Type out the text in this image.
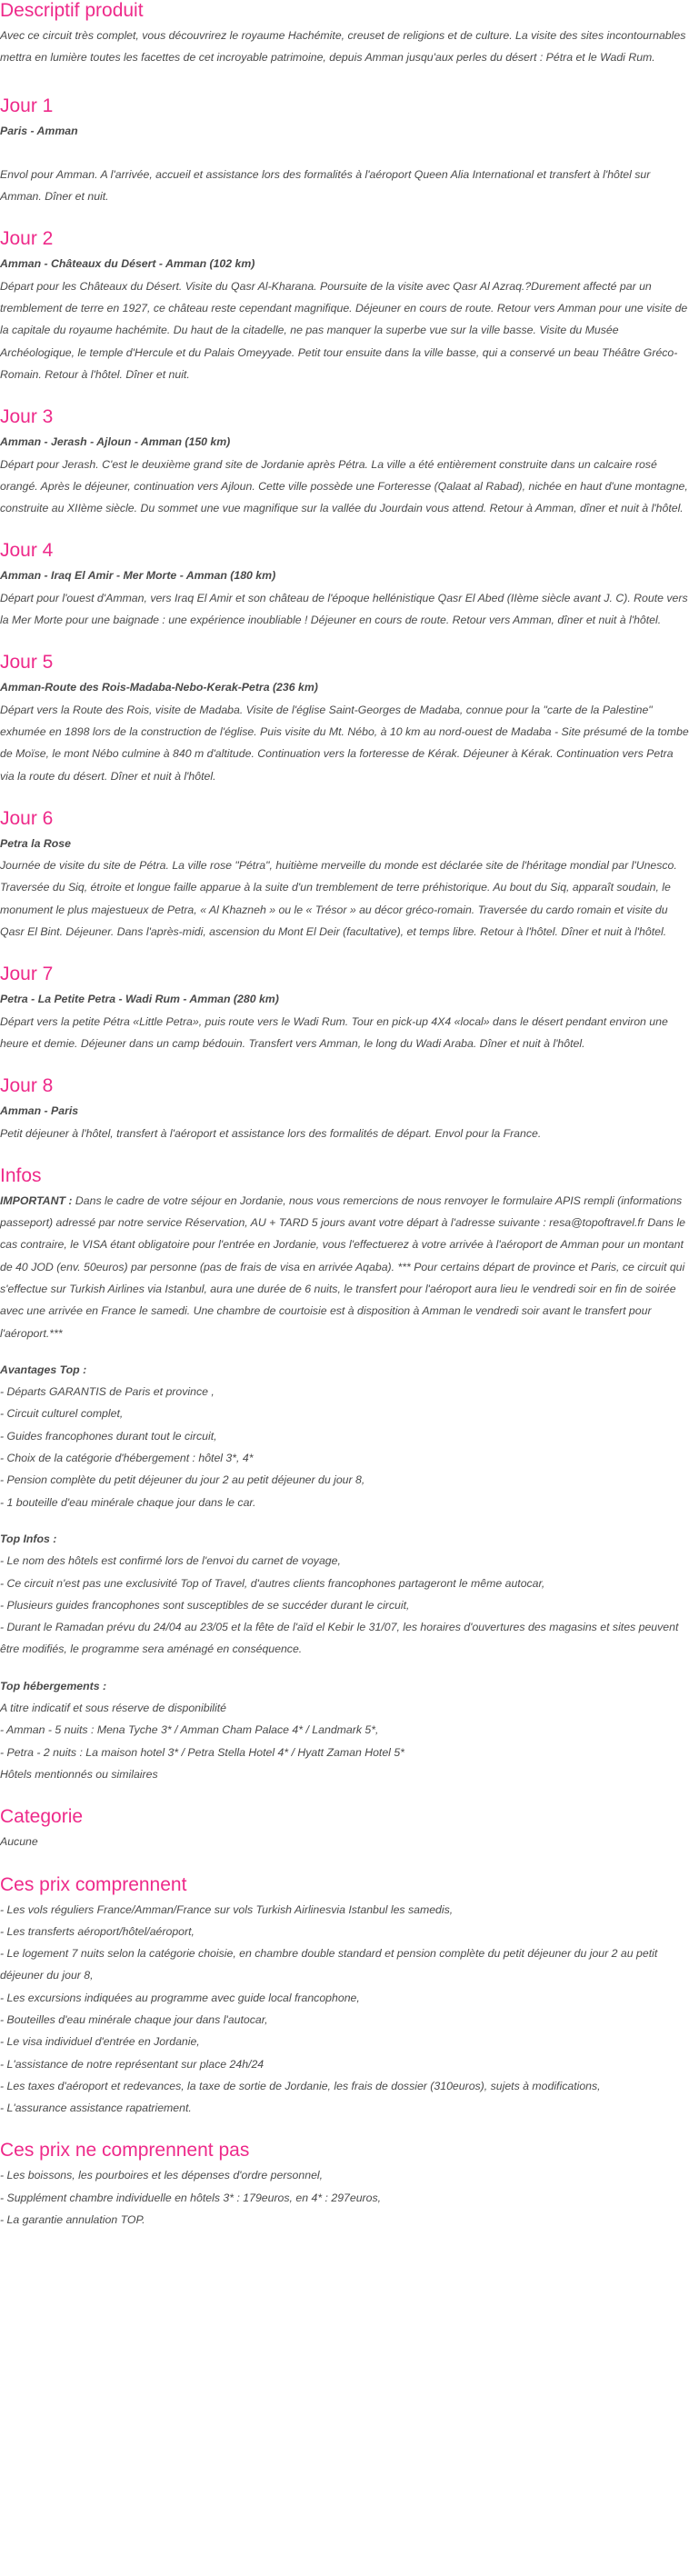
Descriptif produit

Avec ce circuit très complet, vous découvrirez le royaume Hachémite, creuset de religions et de culture. La visite des sites incontournables mettra en lumière toutes les facettes de cet incroyable patrimoine, depuis Amman jusqu'aux perles du désert : Pétra et le Wadi Rum.

Jour 1

Paris - Amman

Envol pour Amman. A l'arrivée, accueil et assistance lors des formalités à l'aéroport Queen Alia International et transfert à l'hôtel sur Amman. Dîner et nuit.

Jour 2

Amman - Châteaux du Désert - Amman (102 km)

Départ pour les Châteaux du Désert. Visite du Qasr Al-Kharana. Poursuite de la visite avec Qasr Al Azraq.?Durement affecté par un tremblement de terre en 1927, ce château reste cependant magnifique. Déjeuner en cours de route. Retour vers Amman pour une visite de la capitale du royaume hachémite. Du haut de la citadelle, ne pas manquer la superbe vue sur la ville basse. Visite du Musée Archéologique, le temple d'Hercule et du Palais Omeyyade. Petit tour ensuite dans la ville basse, qui a conservé un beau Théâtre Gréco-Romain. Retour à l'hôtel. Dîner et nuit.

Jour 3

Amman - Jerash - Ajloun - Amman (150 km)

Départ pour Jerash. C'est le deuxième grand site de Jordanie après Pétra. La ville a été entièrement construite dans un calcaire rosé orangé. Après le déjeuner, continuation vers Ajloun. Cette ville possède une Forteresse (Qalaat al Rabad), nichée en haut d'une montagne, construite au XIIème siècle. Du sommet une vue magnifique sur la vallée du Jourdain vous attend. Retour à Amman, dîner et nuit à l'hôtel.

Jour 4

Amman - Iraq El Amir - Mer Morte - Amman (180 km)

Départ pour l'ouest d'Amman, vers Iraq El Amir et son château de l'époque hellénistique Qasr El Abed (IIème siècle avant J. C). Route vers la Mer Morte pour une baignade : une expérience inoubliable ! Déjeuner en cours de route. Retour vers Amman, dîner et nuit à l'hôtel.

Jour 5

Amman-Route des Rois-Madaba-Nebo-Kerak-Petra (236 km)

Départ vers la Route des Rois, visite de Madaba. Visite de l'église Saint-Georges de Madaba, connue pour la "carte de la Palestine" exhumée en 1898 lors de la construction de l'église. Puis visite du Mt. Nébo, à 10 km au nord-ouest de Madaba - Site présumé de la tombe de Moïse, le mont Nébo culmine à 840 m d'altitude. Continuation vers la forteresse de Kérak. Déjeuner à Kérak. Continuation vers Petra via la route du désert. Dîner et nuit à l'hôtel.

Jour 6

Petra la Rose

Journée de visite du site de Pétra. La ville rose "Pétra", huitième merveille du monde est déclarée site de l'héritage mondial par l'Unesco. Traversée du Siq, étroite et longue faille apparue à la suite d'un tremblement de terre préhistorique. Au bout du Siq, apparaît soudain, le monument le plus majestueux de Petra, « Al Khazneh » ou le « Trésor » au décor gréco-romain. Traversée du cardo romain et visite du Qasr El Bint. Déjeuner. Dans l'après-midi, ascension du Mont El Deir (facultative), et temps libre. Retour à l'hôtel. Dîner et nuit à l'hôtel.

Jour 7

Petra - La Petite Petra - Wadi Rum - Amman (280 km)

Départ vers la petite Pétra «Little Petra», puis route vers le Wadi Rum. Tour en pick-up 4X4 «local» dans le désert pendant environ une heure et demie. Déjeuner dans un camp bédouin. Transfert vers Amman, le long du Wadi Araba. Dîner et nuit à l'hôtel.

Jour 8

Amman - Paris

Petit déjeuner à l'hôtel, transfert à l'aéroport et assistance lors des formalités de départ. Envol pour la France.

Infos

IMPORTANT : Dans le cadre de votre séjour en Jordanie, nous vous remercions de nous renvoyer le formulaire APIS rempli (informations passeport) adressé par notre service Réservation, AU + TARD 5 jours avant votre départ à l'adresse suivante : resa@topoftravel.fr Dans le cas contraire, le VISA étant obligatoire pour l'entrée en Jordanie, vous l'effectuerez à votre arrivée à l'aéroport de Amman pour un montant de 40 JOD (env. 50euros) par personne (pas de frais de visa en arrivée Aqaba). *** Pour certains départ de province et Paris, ce circuit qui s'effectue sur Turkish Airlines via Istanbul, aura une durée de 6 nuits, le transfert pour l'aéroport aura lieu le vendredi soir en fin de soirée avec une arrivée en France le samedi. Une chambre de courtoisie est à disposition à Amman le vendredi soir avant le transfert pour l'aéroport.***

Avantages Top :

- Départs GARANTIS de Paris et province ,

- Circuit culturel complet,

- Guides francophones durant tout le circuit,

- Choix de la catégorie d'hébergement : hôtel 3*, 4*

- Pension complète du petit déjeuner du jour 2 au petit déjeuner du jour 8,

- 1 bouteille d'eau minérale chaque jour dans le car.

Top Infos :

- Le nom des hôtels est confirmé lors de l'envoi du carnet de voyage,

- Ce circuit n'est pas une exclusivité Top of Travel, d'autres clients francophones partageront le même autocar,

- Plusieurs guides francophones sont susceptibles de se succéder durant le circuit,

- Durant le Ramadan prévu du 24/04 au 23/05 et la fête de l'aïd el Kebir le 31/07, les horaires d'ouvertures des magasins et sites peuvent être modifiés, le programme sera aménagé en conséquence.

Top hébergements :

A titre indicatif et sous réserve de disponibilité

- Amman - 5 nuits : Mena Tyche 3* / Amman Cham Palace 4* / Landmark 5*,

- Petra - 2 nuits : La maison hotel 3* / Petra Stella Hotel 4* / Hyatt Zaman Hotel 5*

Hôtels mentionnés ou similaires

Categorie

Aucune

Ces prix comprennent

- Les vols réguliers France/Amman/France sur vols Turkish Airlinesvia Istanbul les samedis,

- Les transferts aéroport/hôtel/aéroport,

- Le logement 7 nuits selon la catégorie choisie, en chambre double standard et pension complète du petit déjeuner du jour 2 au petit déjeuner du jour 8,

- Les excursions indiquées au programme avec guide local francophone,

- Bouteilles d'eau minérale chaque jour dans l'autocar,

- Le visa individuel d'entrée en Jordanie,

- L'assistance de notre représentant sur place 24h/24

- Les taxes d'aéroport et redevances, la taxe de sortie de Jordanie, les frais de dossier (310euros), sujets à modifications,

- L'assurance assistance rapatriement.

Ces prix ne comprennent pas

- Les boissons, les pourboires et les dépenses d'ordre personnel,

- Supplément chambre individuelle en hôtels 3* : 179euros, en 4* : 297euros,

- La garantie annulation TOP.
